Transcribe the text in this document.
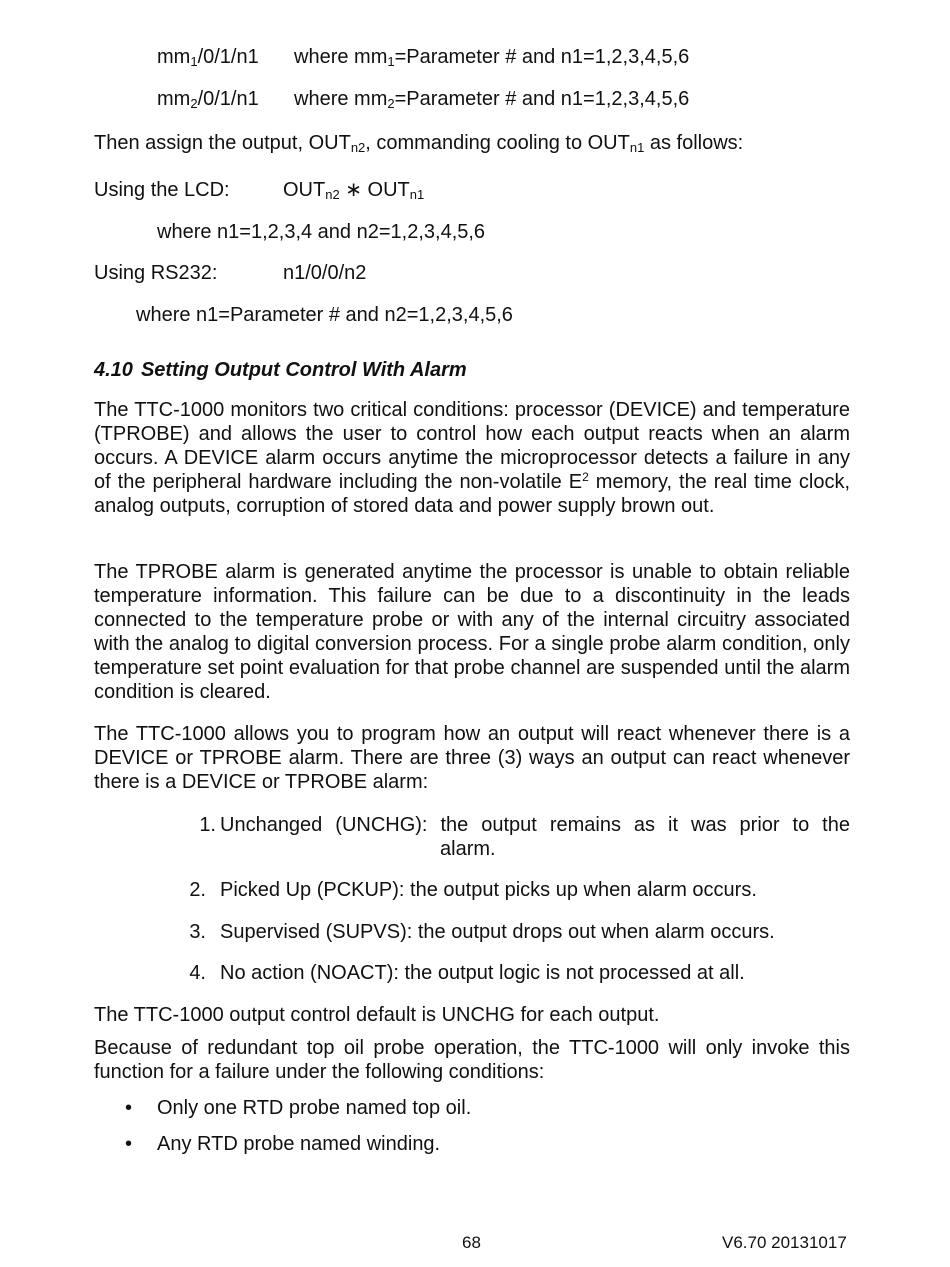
$mm_1/0/1/n1$ where $mm_1=Parameter$ # and n1=1,2,3,4,5,6
$mm_2/0/1/n1$ where $mm_2=Parameter$ # and n1=1,2,3,4,5,6
Then assign the output, $OUT_{n2}$, commanding cooling to $OUT_{n1}$ as follows:
Using the LCD:	$OUT_{n2}$ ∗ $OUT_{n1}$
where n1=1,2,3,4 and n2=1,2,3,4,5,6
Using RS232:	n1/0/0/n2
where n1=Parameter # and n2=1,2,3,4,5,6
4.10 Setting Output Control With Alarm
The TTC-1000 monitors two critical conditions: processor (DEVICE) and temperature (TPROBE) and allows the user to control how each output reacts when an alarm occurs. A DEVICE alarm occurs anytime the microprocessor detects a failure in any of the peripheral hardware including the non-volatile $E^2$ memory, the real time clock, analog outputs, corruption of stored data and power supply brown out.
The TPROBE alarm is generated anytime the processor is unable to obtain reliable temperature information. This failure can be due to a discontinuity in the leads connected to the temperature probe or with any of the internal circuitry associated with the analog to digital conversion process. For a single probe alarm condition, only temperature set point evaluation for that probe channel are suspended until the alarm condition is cleared.
The TTC-1000 allows you to program how an output will react whenever there is a DEVICE or TPROBE alarm. There are three (3) ways an output can react whenever there is a DEVICE or TPROBE alarm:
1. Unchanged (UNCHG): the output remains as it was prior to the
alarm.
2. Picked Up (PCKUP): the output picks up when alarm occurs.
3. Supervised (SUPVS): the output drops out when alarm occurs.
4. No action (NOACT): the output logic is not processed at all.
The TTC-1000 output control default is UNCHG for each output.
Because of redundant top oil probe operation, the TTC-1000 will only invoke this function for a failure under the following conditions:
• Only one RTD probe named top oil.
• Any RTD probe named winding.
68	V6.70 20131017
